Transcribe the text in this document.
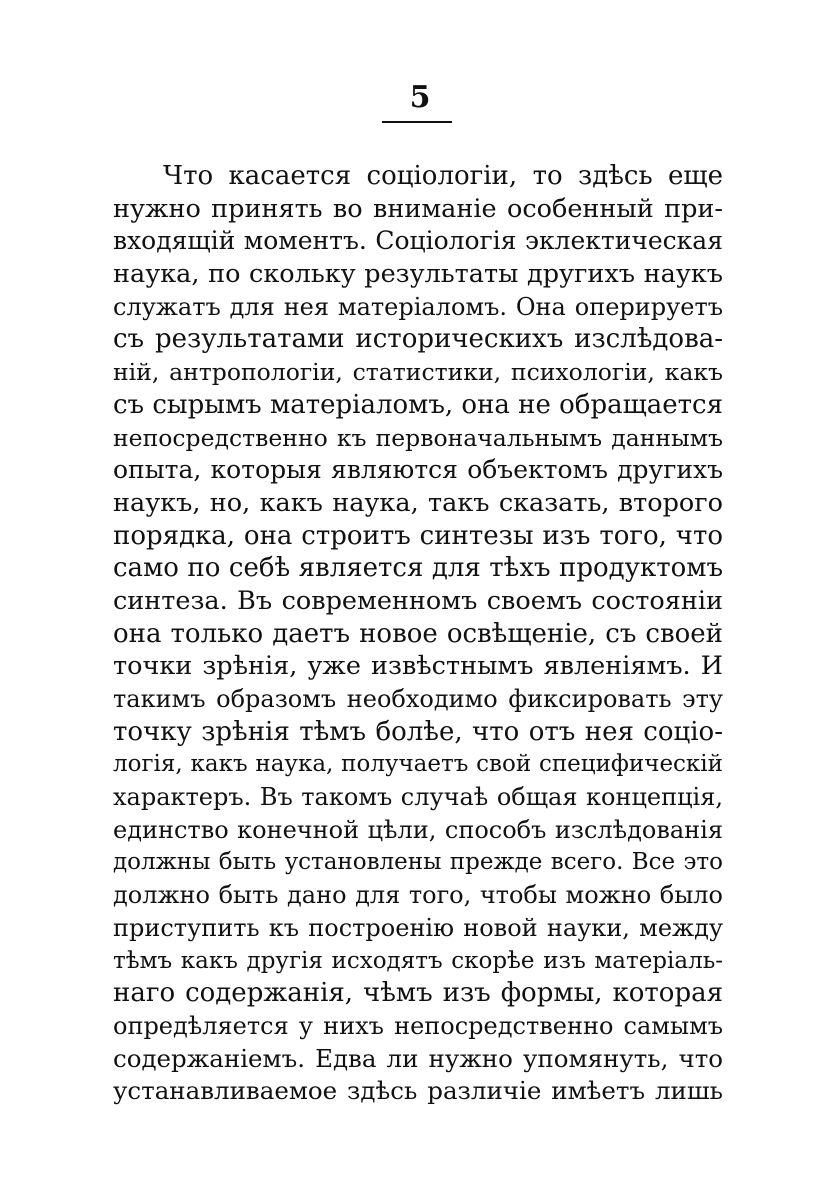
5
Что касается соціологіи, то здѣсь еще
нужно принять во вниманіе особенный при-
входящій моментъ. Соціологія эклектическая
наука, по скольку результаты другихъ наукъ
служатъ для нея матеріаломъ. Она оперируетъ
съ результатами историческихъ изслѣдова-
ній, антропологіи, статистики, психологіи, какъ
съ сырымъ матеріаломъ, она не обращается
непосредственно къ первоначальнымъ даннымъ
опыта, которыя являются объектомъ другихъ
наукъ, но, какъ наука, такъ сказать, второго
порядка, она строитъ синтезы изъ того, что
само по себѣ является для тѣхъ продуктомъ
синтеза. Въ современномъ своемъ состояніи
она только даетъ новое освѣщеніе, съ своей
точки зрѣнія, уже извѣстнымъ явленіямъ. И
такимъ образомъ необходимо фиксировать эту
точку зрѣнія тѣмъ болѣе, что отъ нея соціо-
логія, какъ наука, получаетъ свой специфическій
характеръ. Въ такомъ случаѣ общая концепція,
единство конечной цѣли, способъ изслѣдованія
должны быть установлены прежде всего. Все это
должно быть дано для того, чтобы можно было
приступить къ построенію новой науки, между
тѣмъ какъ другія исходятъ скорѣе изъ матеріаль-
наго содержанія, чѣмъ изъ формы, которая
опредѣляется у нихъ непосредственно самымъ
содержаніемъ. Едва ли нужно упомянуть, что
устанавливаемое здѣсь различіе имѣетъ лишь
